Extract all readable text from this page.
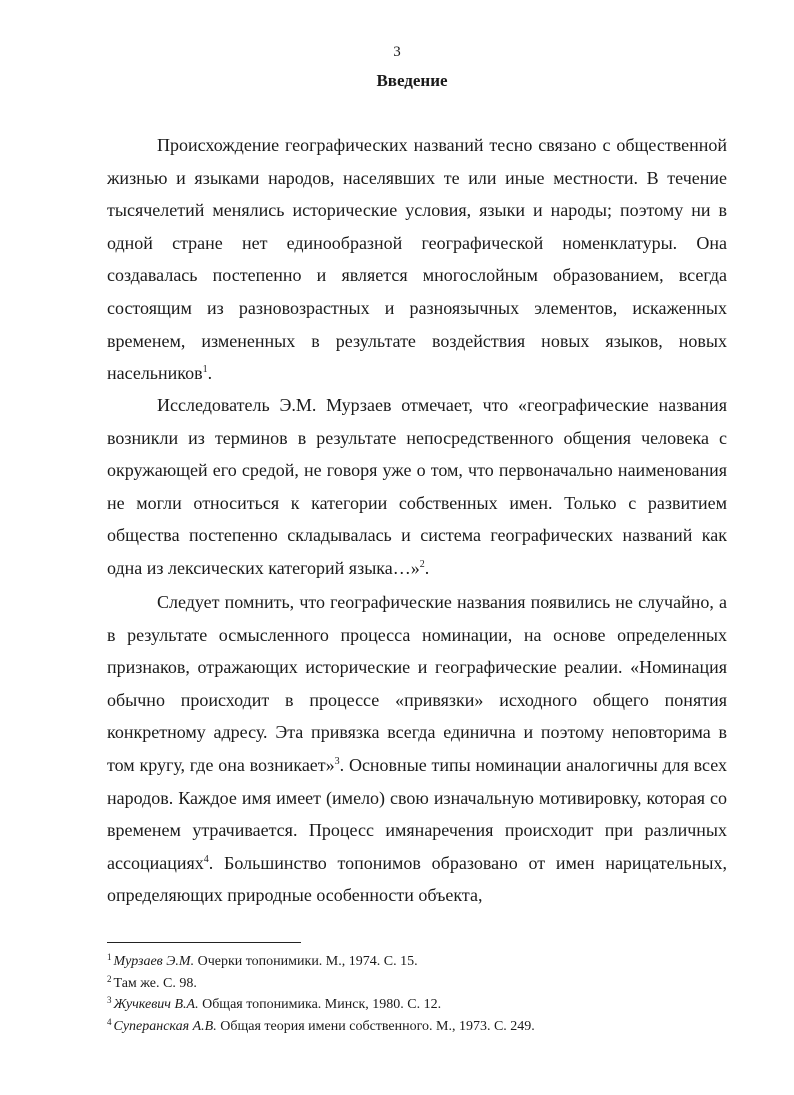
3
Введение

Происхождение географических названий тесно связано с общественной жизнью и языками народов, населявших те или иные местности. В течение тысячелетий менялись исторические условия, языки и народы; поэтому ни в одной стране нет единообразной географической номенклатуры. Она создавалась постепенно и является многослойным образованием, всегда состоящим из разновозрастных и разноязычных элементов, искаженных временем, измененных в результате воздействия новых языков, новых насельников$^1$.

Исследователь Э.М. Мурзаев отмечает, что «географические названия возникли из терминов в результате непосредственного общения человека с окружающей его средой, не говоря уже о том, что первоначально наименования не могли относиться к категории собственных имен. Только с развитием общества постепенно складывалась и система географических названий как одна из лексических категорий языка…»$^2$.

Следует помнить, что географические названия появились не случайно, а в результате осмысленного процесса номинации, на основе определенных признаков, отражающих исторические и географические реалии. «Номинация обычно происходит в процессе «привязки» исходного общего понятия конкретному адресу. Эта привязка всегда единична и поэтому неповторима в том кругу, где она возникает»$^3$. Основные типы номинации аналогичны для всех народов. Каждое имя имеет (имело) свою изначальную мотивировку, которая со временем утрачивается. Процесс имянаречения происходит при различных ассоциациях$^4$. Большинство топонимов образовано от имен нарицательных, определяющих природные особенности объекта,

$^1$ Мурзаев Э.М. Очерки топонимики. М., 1974. С. 15.
$^2$ Там же. С. 98.
$^3$ Жучкевич В.А. Общая топонимика. Минск, 1980. С. 12.
$^4$ Суперанская А.В. Общая теория имени собственного. М., 1973. С. 249.
